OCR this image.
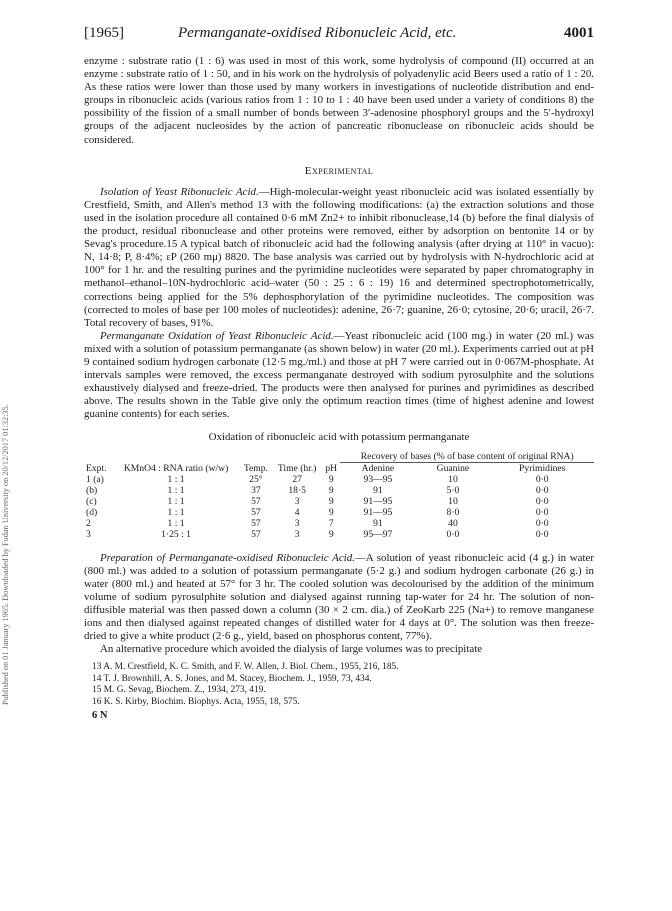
Published on 01 January 1965. Downloaded by Fudan University on 20/12/2017 01:32:35.
[1965]	Permanganate-oxidised Ribonucleic Acid, etc.	4001

enzyme : substrate ratio (1 : 6) was used in most of this work, some hydrolysis of compound (II) occurred at an enzyme : substrate ratio of 1 : 50, and in his work on the hydrolysis of polyadenylic acid Beers used a ratio of 1 : 20. As these ratios were lower than those used by many workers in investigations of nucleotide distribution and end-groups in ribonucleic acids (various ratios from 1 : 10 to 1 : 40 have been used under a variety of conditions 8) the possibility of the fission of a small number of bonds between 3′-adenosine phosphoryl groups and the 5′-hydroxyl groups of the adjacent nucleosides by the action of pancreatic ribonuclease on ribonucleic acids should be considered.

Experimental

Isolation of Yeast Ribonucleic Acid.—High-molecular-weight yeast ribonucleic acid was isolated essentially by Crestfield, Smith, and Allen's method 13 with the following modifications: (a) the extraction solutions and those used in the isolation procedure all contained 0·6 mM Zn2+ to inhibit ribonuclease,14 (b) before the final dialysis of the product, residual ribonuclease and other proteins were removed, either by adsorption on bentonite 14 or by Sevag's procedure.15 A typical batch of ribonucleic acid had the following analysis (after drying at 110° in vacuo): N, 14·8; P, 8·4%; εP (260 mμ) 8820. The base analysis was carried out by hydrolysis with N-hydrochloric acid at 100° for 1 hr. and the resulting purines and the pyrimidine nucleotides were separated by paper chromatography in methanol–ethanol–10N-hydrochloric acid–water (50 : 25 : 6 : 19) 16 and determined spectrophotometrically, corrections being applied for the 5% dephosphorylation of the pyrimidine nucleotides. The composition was (corrected to moles of base per 100 moles of nucleotides): adenine, 26·7; guanine, 26·0; cytosine, 20·6; uracil, 26·7. Total recovery of bases, 91%.

Permanganate Oxidation of Yeast Ribonucleic Acid.—Yeast ribonucleic acid (100 mg.) in water (20 ml.) was mixed with a solution of potassium permanganate (as shown below) in water (20 ml.). Experiments carried out at pH 9 contained sodium hydrogen carbonate (12·5 mg./ml.) and those at pH 7 were carried out in 0·067M-phosphate. At intervals samples were removed, the excess permanganate destroyed with sodium pyrosulphite and the solutions exhaustively dialysed and freeze-dried. The products were then analysed for purines and pyrimidines as described above. The results shown in the Table give only the optimum reaction times (time of highest adenine and lowest guanine contents) for each series.

Oxidation of ribonucleic acid with potassium permanganate
					Recovery of bases (% of base content of original RNA)		
Expt.	KMnO4 : RNA ratio (w/w)	Temp.	Time (hr.)	pH	Adenine	Guanine	Pyrimidines
1 (a)	1 : 1	25°	27	9	93—95	10	0·0
(b)	1 : 1	37	18·5	9	91	5·0	0·0
(c)	1 : 1	57	3	9	91—95	10	0·0
(d)	1 : 1	57	4	9	91—95	8·0	0·0
2	1 : 1	57	3	7	91	40	0·0
3	1·25 : 1	57	3	9	95—97	0·0	0·0

Preparation of Permanganate-oxidised Ribonucleic Acid.—A solution of yeast ribonucleic acid (4 g.) in water (800 ml.) was added to a solution of potassium permanganate (5·2 g.) and sodium hydrogen carbonate (26 g.) in water (800 ml.) and heated at 57° for 3 hr. The cooled solution was decolourised by the addition of the minimum volume of sodium pyrosulphite solution and dialysed against running tap-water for 24 hr. The solution of non-diffusible material was then passed down a column (30 × 2 cm. dia.) of ZeoKarb 225 (Na+) to remove manganese ions and then dialysed against repeated changes of distilled water for 4 days at 0°. The solution was then freeze-dried to give a white product (2·6 g., yield, based on phosphorus content, 77%).

An alternative procedure which avoided the dialysis of large volumes was to precipitate

13 A. M. Crestfield, K. C. Smith, and F. W. Allen, J. Biol. Chem., 1955, 216, 185.
14 T. J. Brownhill, A. S. Jones, and M. Stacey, Biochem. J., 1959, 73, 434.
15 M. G. Sevag, Biochem. Z., 1934, 273, 419.
16 K. S. Kirby, Biochim. Biophys. Acta, 1955, 18, 575.
6 N
